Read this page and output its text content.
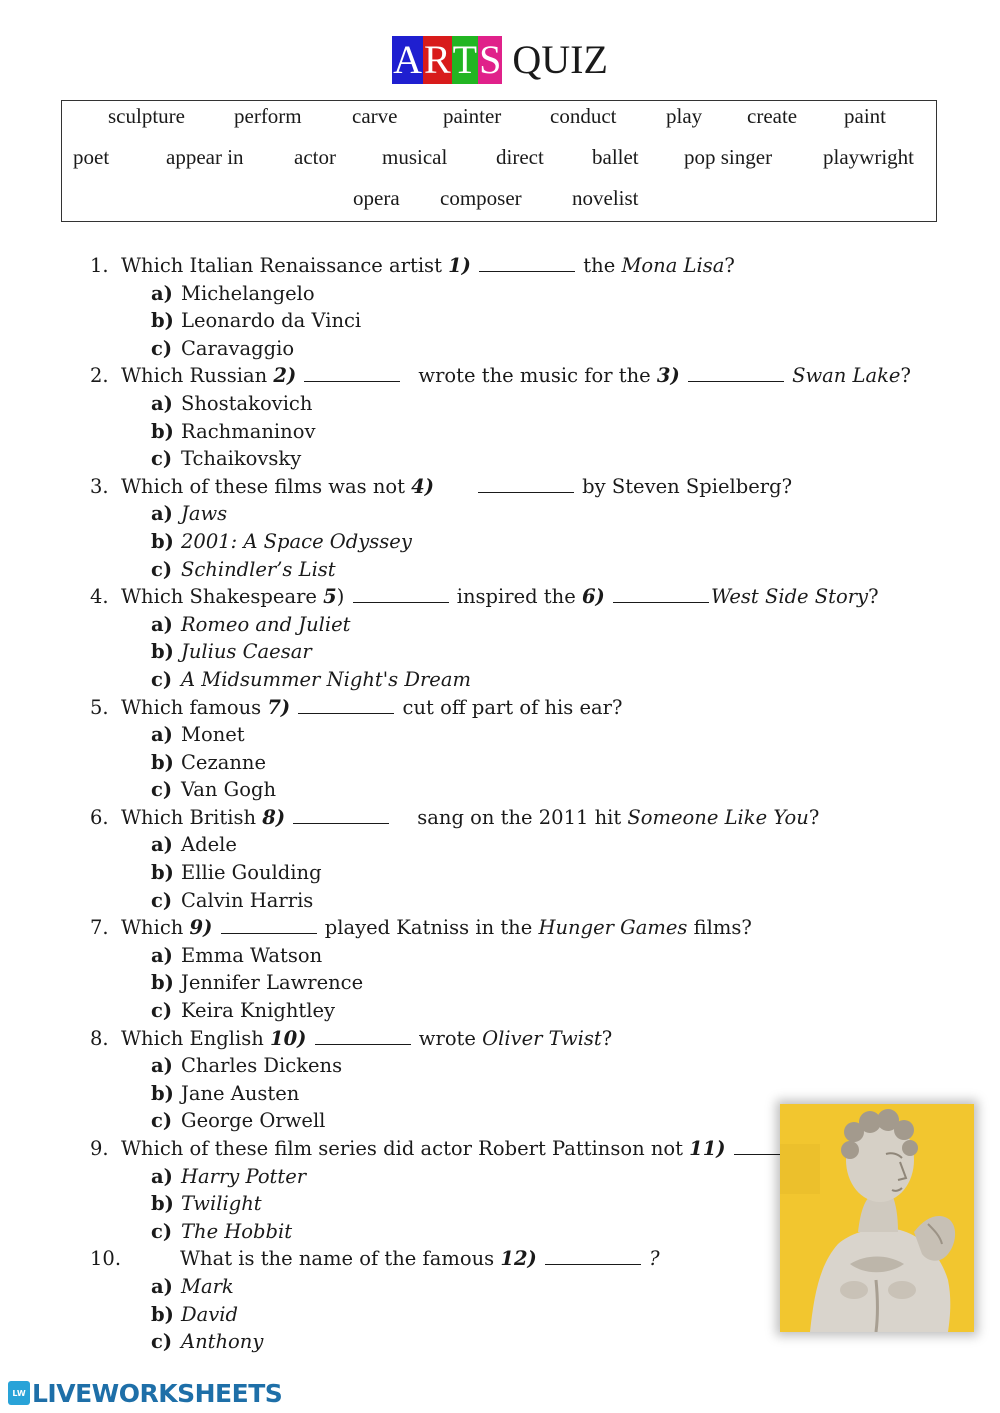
ARTS QUIZ
sculpture perform carve painter conduct play create paint
poet	appear in actor musical direct ballet pop singer playwright
opera composer novelist
1. Which Italian Renaissance artist 1)	the Mona Lisa?
a) Michelangelo
b) Leonardo da Vinci
c) Caravaggio
2. Which Russian 2)	wrote the music for the 3)	Swan Lake?
a) Shostakovich
b) Rachmaninov
c) Tchaikovsky
3. Which of these films was not 4)	by Steven Spielberg?
a) Jaws
b) 2001: A Space Odyssey
c) Schindler’s List
4. Which Shakespeare 5)	inspired the 6)	West Side Story?
a) Romeo and Juliet
b) Julius Caesar
c) A Midsummer Night's Dream
5. Which famous 7)	cut off part of his ear?
a) Monet
b) Cezanne
c) Van Gogh
6. Which British 8)	sang on the 2011 hit Someone Like You?
a) Adele
b) Ellie Goulding
c) Calvin Harris
7. Which 9)	played Katniss in the Hunger Games films?
a) Emma Watson
b) Jennifer Lawrence
c) Keira Knightley
8. Which English 10)	wrote Oliver Twist?
a) Charles Dickens
b) Jane Austen
c) George Orwell
9. Which of these film series did actor Robert Pattinson not 11)
a) Harry Potter
b) Twilight
c) The Hobbit
10.	What is the name of the famous 12)	?
a) Mark
b) David
c) Anthony
LW LIVEWORKSHEETS
